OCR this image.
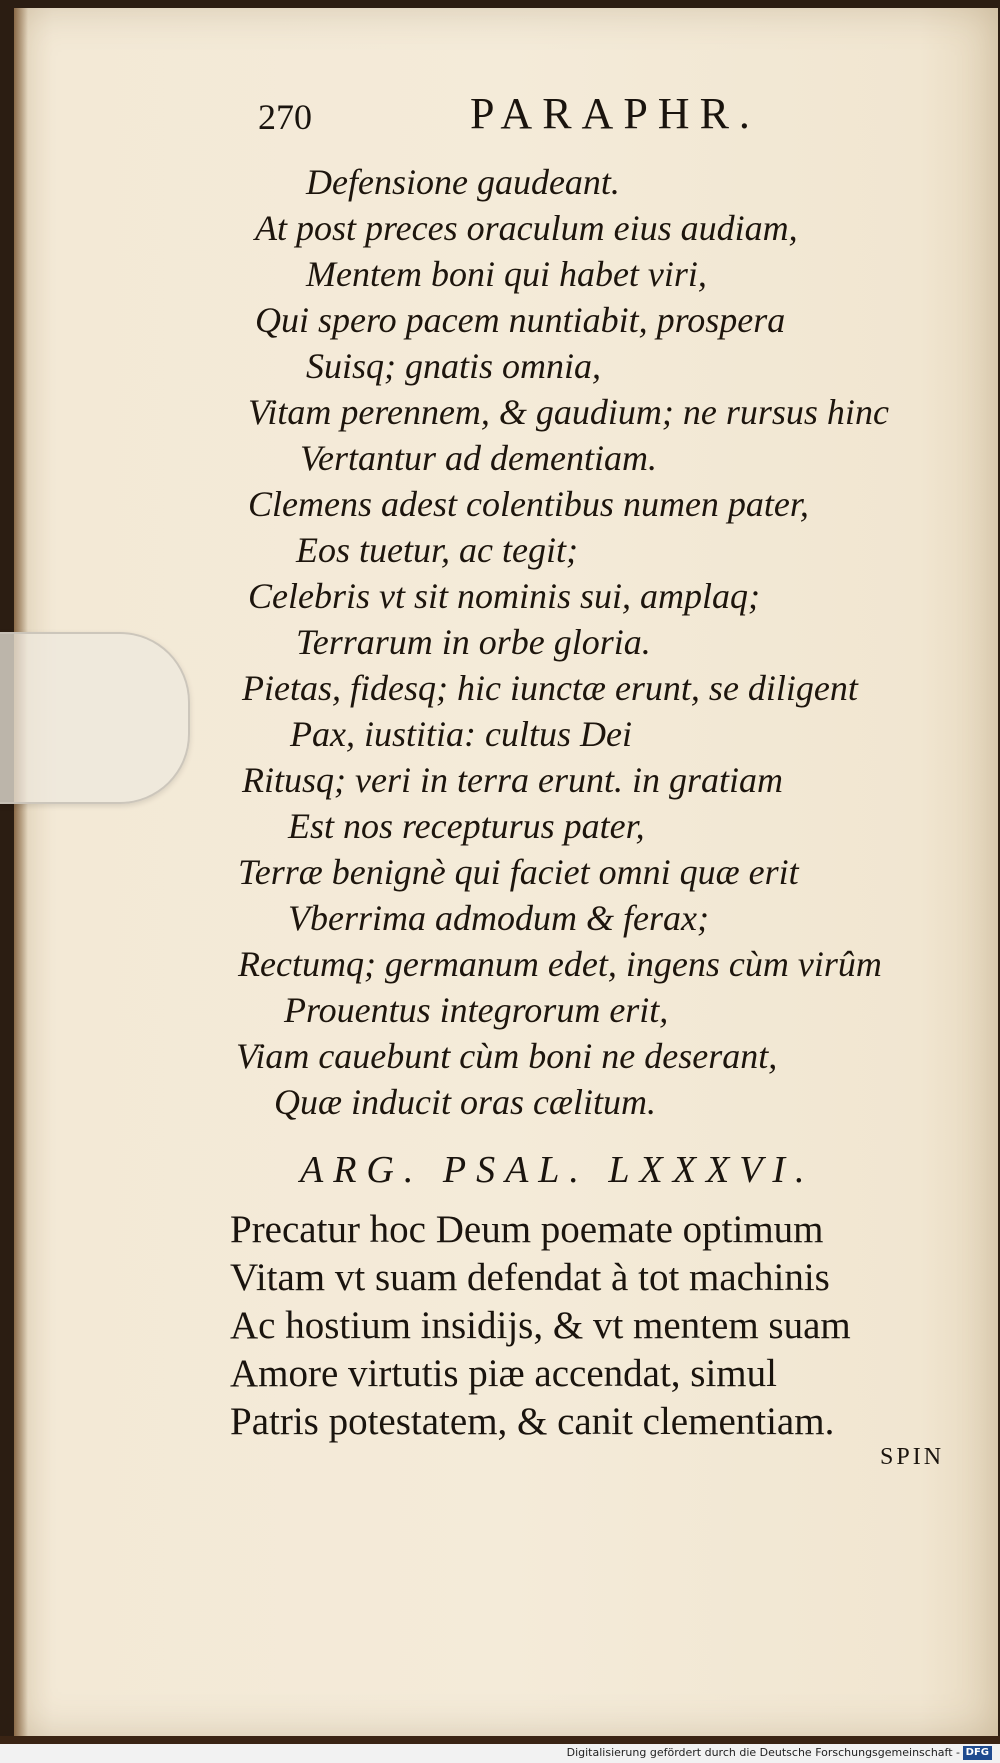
270	PARAPHR.
Defensione gaudeant.
At post preces oraculum eius audiam,
Mentem boni qui habet viri,
Qui spero pacem nuntiabit, prospera
Suisq; gnatis omnia,
Vitam perennem, & gaudium; ne rursus hinc
Vertantur ad dementiam.
Clemens adest colentibus numen pater,
Eos tuetur, ac tegit;
Celebris vt sit nominis sui, amplaq;
Terrarum in orbe gloria.
Pietas, fidesq; hic iunctæ erunt, se diligent
Pax, iustitia: cultus Dei
Ritusq; veri in terra erunt. in gratiam
Est nos recepturus pater,
Terræ benignè qui faciet omni quæ erit
Vberrima admodum & ferax;
Rectumq; germanum edet, ingens cùm virûm
Prouentus integrorum erit,
Viam cauebunt cùm boni ne deserant,
Quæ inducit oras cælitum.
ARG. PSAL. LXXXVI.
Precatur hoc Deum poemate optimum
Vitam vt suam defendat à tot machinis
Ac hostium insidijs, & vt mentem suam
Amore virtutis piæ accendat, simul
Patris potestatem, & canit clementiam.
SPIN
Digitalisierung gefördert durch die Deutsche Forschungsgemeinschaft - DFG
